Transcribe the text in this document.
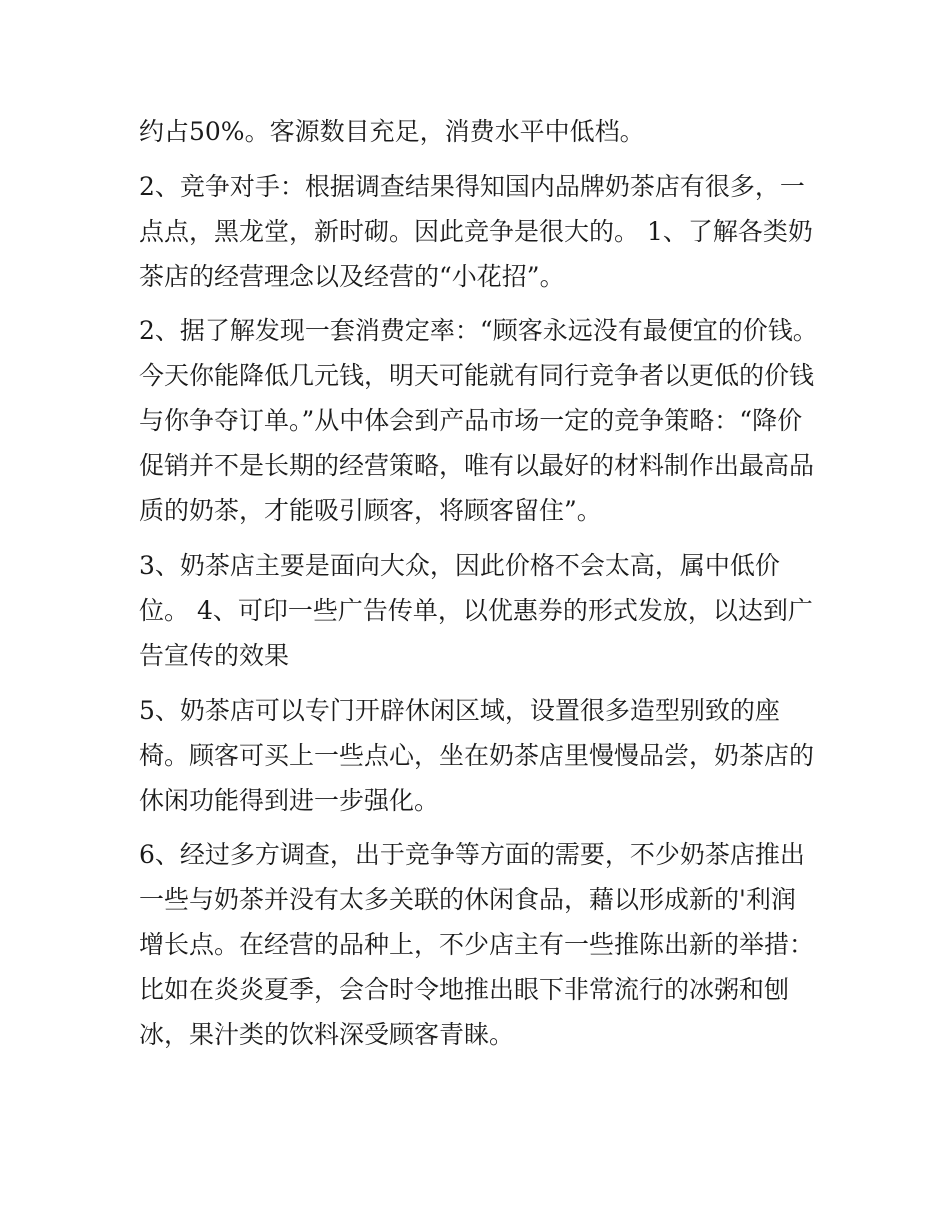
约占50%。客源数目充足，消费水平中低档。
2、竞争对手：根据调查结果得知国内品牌奶茶店有很多，一
点点，黑龙堂，新时砌。因此竞争是很大的。 1、了解各类奶
茶店的经营理念以及经营的“小花招”。
2、据了解发现一套消费定率：“顾客永远没有最便宜的价钱。
今天你能降低几元钱，明天可能就有同行竞争者以更低的价钱
与你争夺订单。”从中体会到产品市场一定的竞争策略：“降价
促销并不是长期的经营策略，唯有以最好的材料制作出最高品
质的奶茶，才能吸引顾客，将顾客留住”。
3、奶茶店主要是面向大众，因此价格不会太高，属中低价
位。 4、可印一些广告传单，以优惠券的形式发放，以达到广
告宣传的效果
5、奶茶店可以专门开辟休闲区域，设置很多造型别致的座
椅。顾客可买上一些点心，坐在奶茶店里慢慢品尝，奶茶店的
休闲功能得到进一步强化。
6、经过多方调查，出于竞争等方面的需要，不少奶茶店推出
一些与奶茶并没有太多关联的休闲食品，藉以形成新的'利润
增长点。在经营的品种上，不少店主有一些推陈出新的举措：
比如在炎炎夏季，会合时令地推出眼下非常流行的冰粥和刨
冰，果汁类的饮料深受顾客青睐。
